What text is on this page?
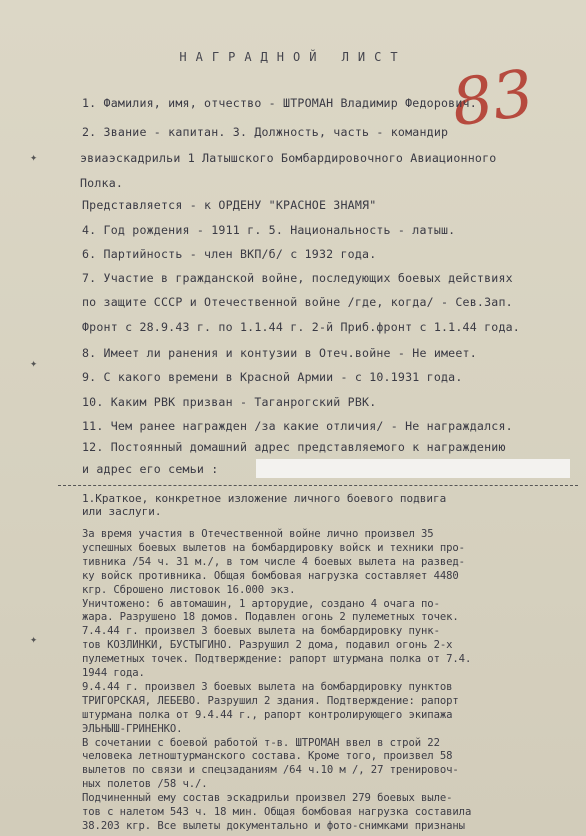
НАГРАДНОЙ ЛИСТ 83
✦
✦
✦
1. Фамилия, имя, отчество - ШТРОМАН Владимир Федорович.
2. Звание - капитан. 3. Должность, часть - командир
эвиаэскадрильи 1 Латышского Бомбардировочного Авиационного
Полка.
Представляется - к ОРДЕНУ "КРАСНОЕ ЗНАМЯ"
4. Год рождения - 1911 г. 5. Национальность - латыш.
6. Партийность - член ВКП/б/ с 1932 года.
7. Участие в гражданской войне, последующих боевых действиях
по защите СССР и Отечественной войне /где, когда/ - Сев.Зап.
Фронт с 28.9.43 г. по 1.1.44 г. 2-й Приб.фронт с 1.1.44 года.
8. Имеет ли ранения и контузии в Отеч.войне - Не имеет.
9. С какого времени в Красной Армии - с 10.1931 года.
10. Каким РВК призван - Таганрогский РВК.
11. Чем ранее награжден /за какие отличия/ - Не награждался.
12. Постоянный домашний адрес представляемого к награждению
и адрес его семьи :
1.Краткое, конкретное изложение личного боевого подвига
или заслуги.
За время участия в Отечественной войне лично произвел 35
успешных боевых вылетов на бомбардировку войск и техники про-
тивника /54 ч. 31 м./, в том числе 4 боевых вылета на развед-
ку войск противника. Общая бомбовая нагрузка составляет 4480
кгр. Сброшено листовок 16.000 экз.
Уничтожено: 6 автомашин, 1 арторудие, создано 4 очага по-
жара. Разрушено 18 домов. Подавлен огонь 2 пулеметных точек.
7.4.44 г. произвел 3 боевых вылета на бомбардировку пунк-
тов КОЗЛИНКИ, БУСТЫГИНО. Разрушил 2 дома, подавил огонь 2-х
пулеметных точек. Подтверждение: рапорт штурмана полка от 7.4.
1944 года.
9.4.44 г. произвел 3 боевых вылета на бомбардировку пунктов
ТРИГОРСКАЯ, ЛЕБЕВО. Разрушил 2 здания. Подтверждение: рапорт
штурмана полка от 9.4.44 г., рапорт контролирующего экипажа
ЭЛЬНЫШ-ГРИНЕНКО.
В сочетании с боевой работой т-в. ШТРОМАН ввел в строй 22
человека летноштурманского состава. Кроме того, произвел 58
вылетов по связи и спецзаданиям /64 ч.10 м /, 27 тренировоч-
ных полетов /58 ч./.
Подчиненный ему состав эскадрильи произвел 279 боевых выле-
тов с налетом 543 ч. 18 мин. Общая бомбовая нагрузка составила
38.203 кгр. Все вылеты документально и фото-снимками признаны
